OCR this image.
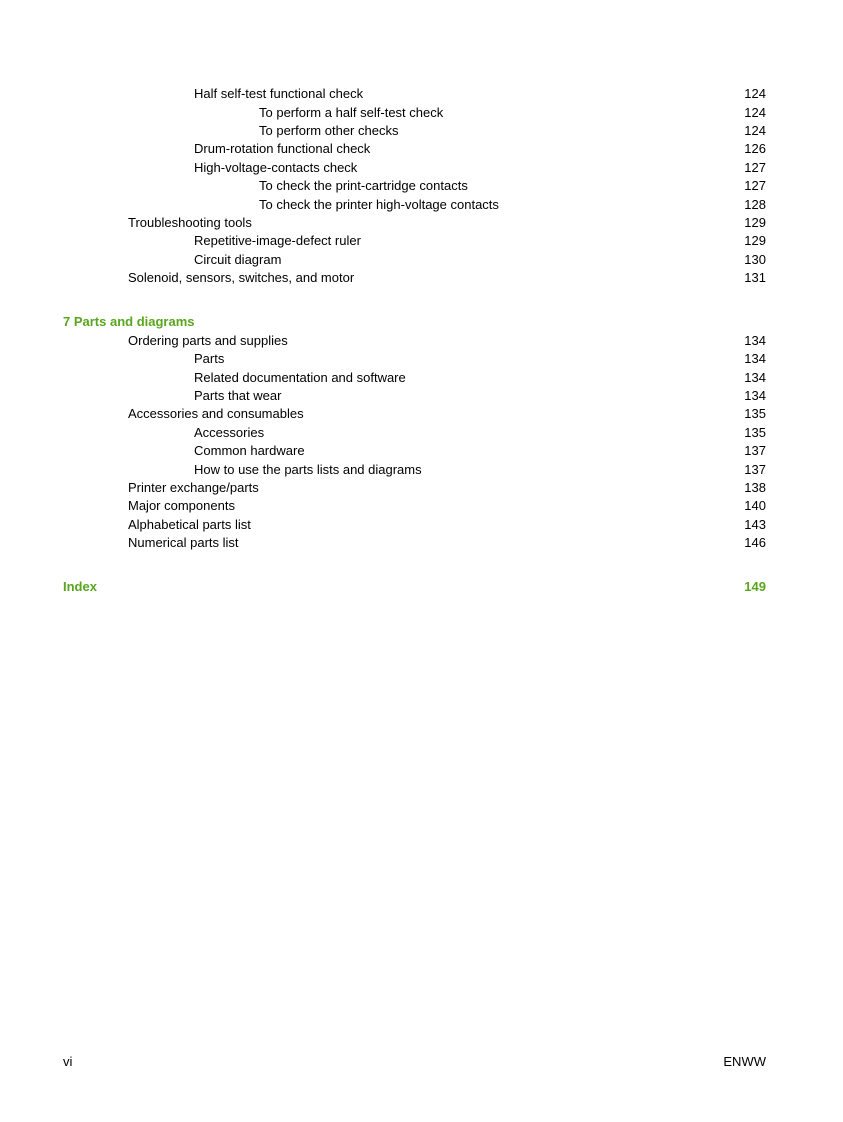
Half self-test functional check	124
To perform a half self-test check	124
To perform other checks	124
Drum-rotation functional check	126
High-voltage-contacts check	127
To check the print-cartridge contacts	127
To check the printer high-voltage contacts	128
Troubleshooting tools	129
Repetitive-image-defect ruler	129
Circuit diagram	130
Solenoid, sensors, switches, and motor	131
7 Parts and diagrams
Ordering parts and supplies	134
Parts	134
Related documentation and software	134
Parts that wear	134
Accessories and consumables	135
Accessories	135
Common hardware	137
How to use the parts lists and diagrams	137
Printer exchange/parts	138
Major components	140
Alphabetical parts list	143
Numerical parts list	146
Index	149
vi	ENWW
